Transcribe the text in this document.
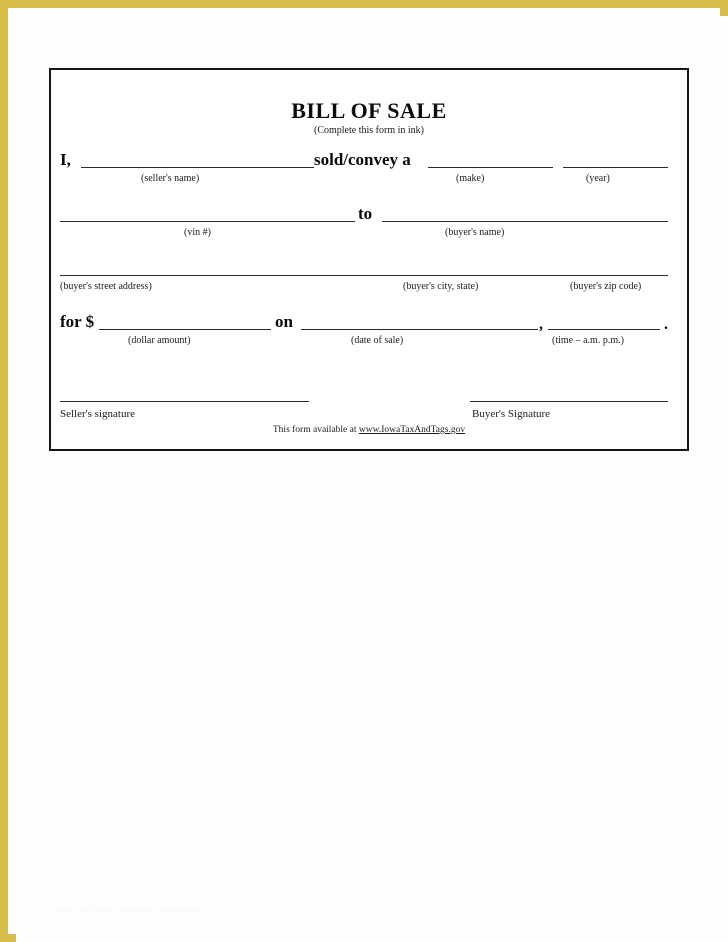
BILL OF SALE
(Complete this form in ink)
I,
(seller's name)
sold/convey a
(make)	(year)
(vin #)
to
(buyer's name)
(buyer's street address)	(buyer's city, state)	(buyer's zip code)
for $
(dollar amount)
on
(date of sale)
,
(time – a.m. p.m.)
.
Seller's signature	Buyer's Signature
This form available at www.IowaTaxAndTags.gov
sample form template preview
